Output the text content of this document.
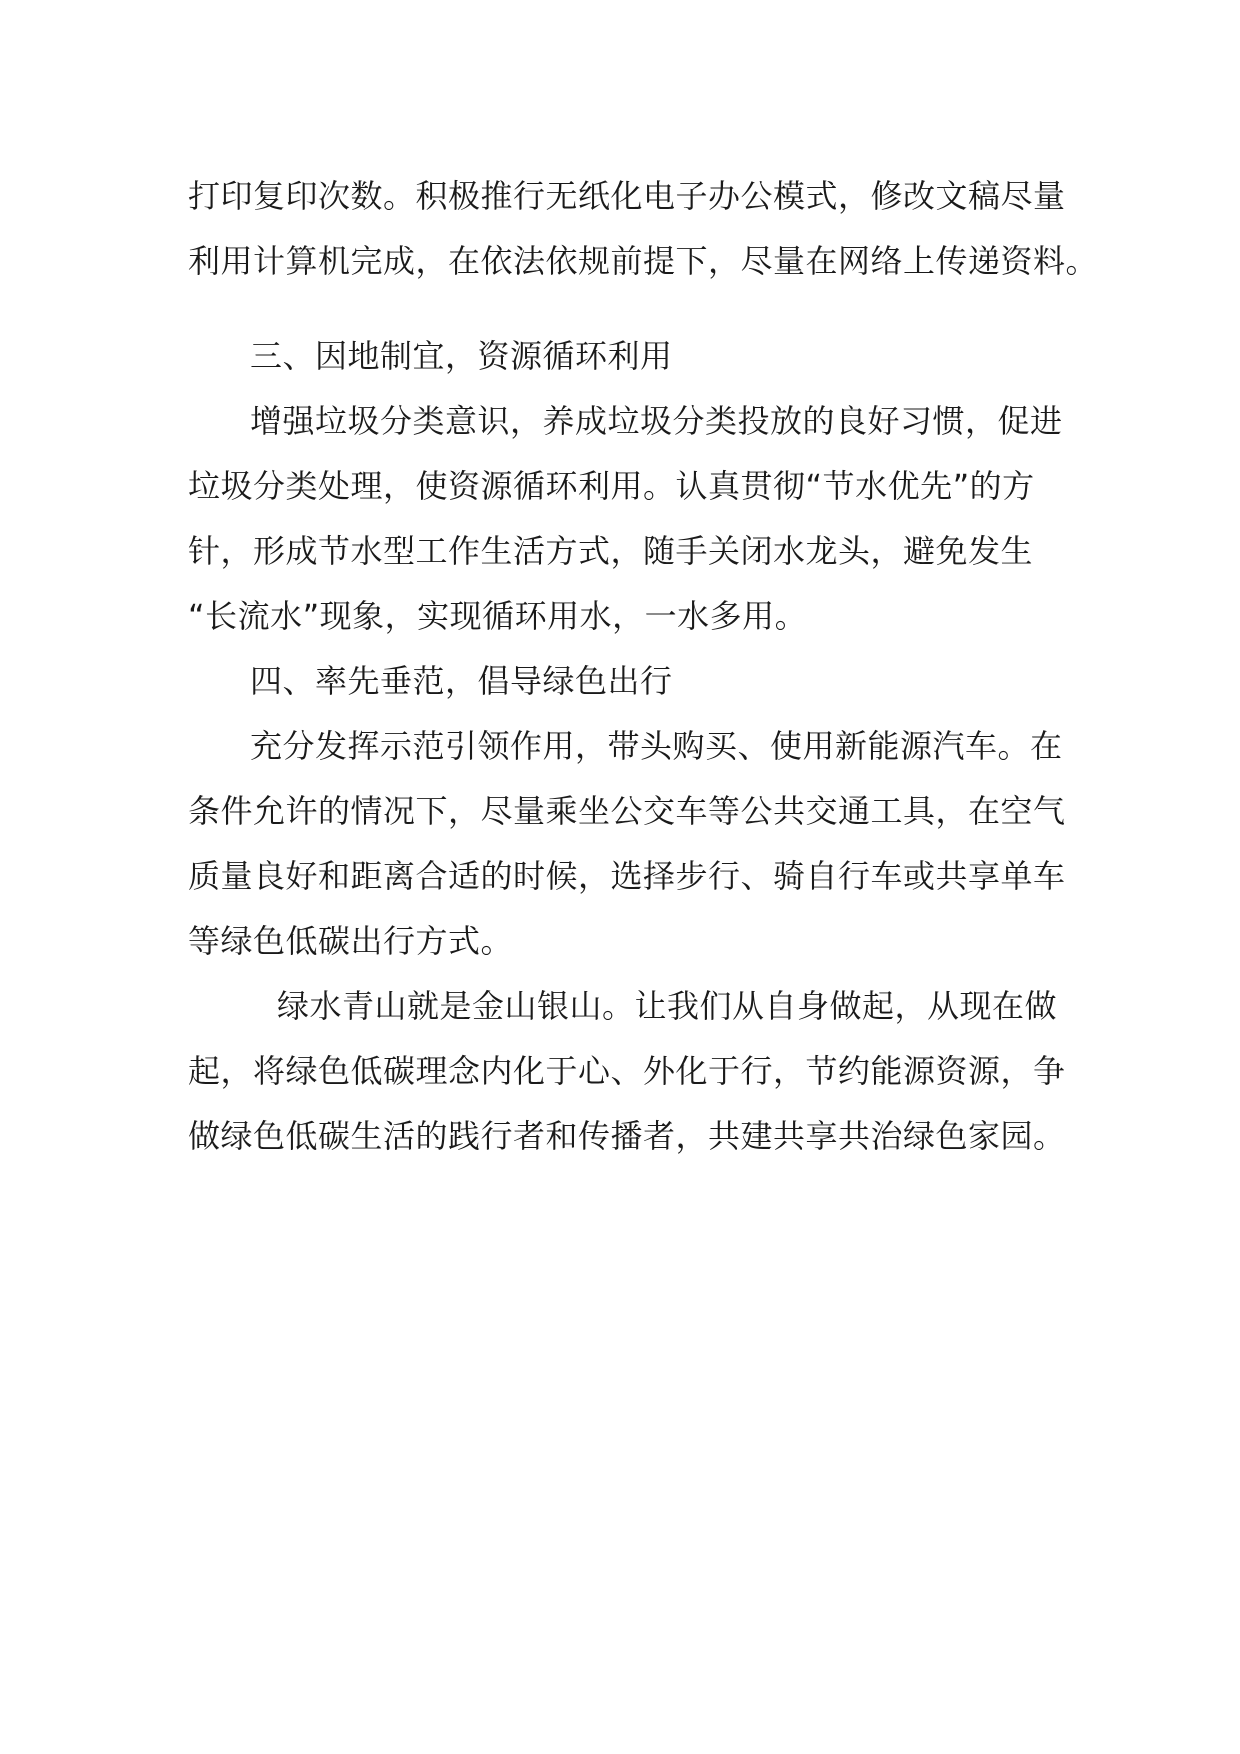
打印复印次数。积极推行无纸化电子办公模式，修改文稿尽量
利用计算机完成，在依法依规前提下，尽量在网络上传递资料。
三、因地制宜，资源循环利用
增强垃圾分类意识，养成垃圾分类投放的良好习惯，促进
垃圾分类处理，使资源循环利用。认真贯彻“节水优先”的方
针，形成节水型工作生活方式，随手关闭水龙头，避免发生
“长流水”现象，实现循环用水，一水多用。
四、率先垂范，倡导绿色出行
充分发挥示范引领作用，带头购买、使用新能源汽车。在
条件允许的情况下，尽量乘坐公交车等公共交通工具，在空气
质量良好和距离合适的时候，选择步行、骑自行车或共享单车
等绿色低碳出行方式。
绿水青山就是金山银山。让我们从自身做起，从现在做
起，将绿色低碳理念内化于心、外化于行，节约能源资源，争
做绿色低碳生活的践行者和传播者，共建共享共治绿色家园。
